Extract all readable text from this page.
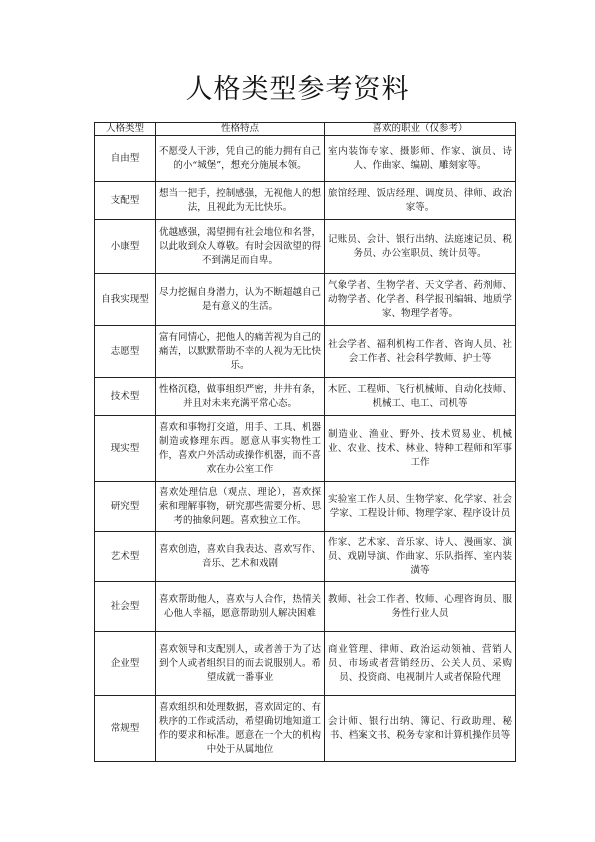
人格类型参考资料
人格类型	性格特点	喜欢的职业（仅参考）
自由型	不愿受人干涉，凭自己的能力拥有自己的小“城堡”，想充分施展本领。	室内装饰专家、摄影师、作家、演员、诗人、作曲家、编剧、雕刻家等。
支配型	想当一把手，控制感强，无视他人的想法，且视此为无比快乐。	旅馆经理、饭店经理、调度员、律师、政治家等。
小康型	优越感强，渴望拥有社会地位和名誉，以此收到众人尊敬。有时会因欲望的得不到满足而自卑。	记账员、会计、银行出纳、法庭速记员、税务员、办公室职员、统计员等。
自我实现型	尽力挖掘自身潜力，认为不断超越自己是有意义的生活。	气象学者、生物学者、天文学者、药剂师、动物学者、化学者、科学报刊编辑、地质学家、物理学者等。
志愿型	富有同情心，把他人的痛苦视为自己的痛苦，以默默帮助不幸的人视为无比快乐。	社会学者、福利机构工作者、咨询人员、社会工作者、社会科学教师、护士等
技术型	性格沉稳，做事组织严密，井井有条，并且对未来充满平常心态。	木匠、工程师、飞行机械师、自动化技师、机械工、电工、司机等
现实型	喜欢和事物打交道，用手、工具、机器制造或修理东西。愿意从事实物性工作，喜欢户外活动或操作机器，而不喜欢在办公室工作	制造业、渔业、野外、技术贸易业、机械业、农业、技术、林业、特种工程师和军事工作
研究型	喜欢处理信息（观点、理论），喜欢探索和理解事物，研究那些需要分析、思考的抽象问题。喜欢独立工作。	实验室工作人员、生物学家、化学家、社会学家、工程设计师、物理学家、程序设计员
艺术型	喜欢创造，喜欢自我表达、喜欢写作、音乐、艺术和戏剧	作家、艺术家、音乐家、诗人、漫画家、演员、戏剧导演、作曲家、乐队指挥、室内装潢等
社会型	喜欢帮助他人，喜欢与人合作，热情关心他人幸福，愿意帮助别人解决困难	教师、社会工作者、牧师、心理咨询员、服务性行业人员
企业型	喜欢领导和支配别人，或者善于为了达到个人或者组织目的而去说服别人。希望成就一番事业	商业管理、律师、政治运动领袖、营销人员、市场或者营销经历、公关人员、采购员、投资商、电视制片人或者保险代理
常规型	喜欢组织和处理数据，喜欢固定的、有秩序的工作或活动，希望确切地知道工作的要求和标准。愿意在一个大的机构中处于从属地位	会计师、银行出纳、簿记、行政助理、秘书、档案文书、税务专家和计算机操作员等
